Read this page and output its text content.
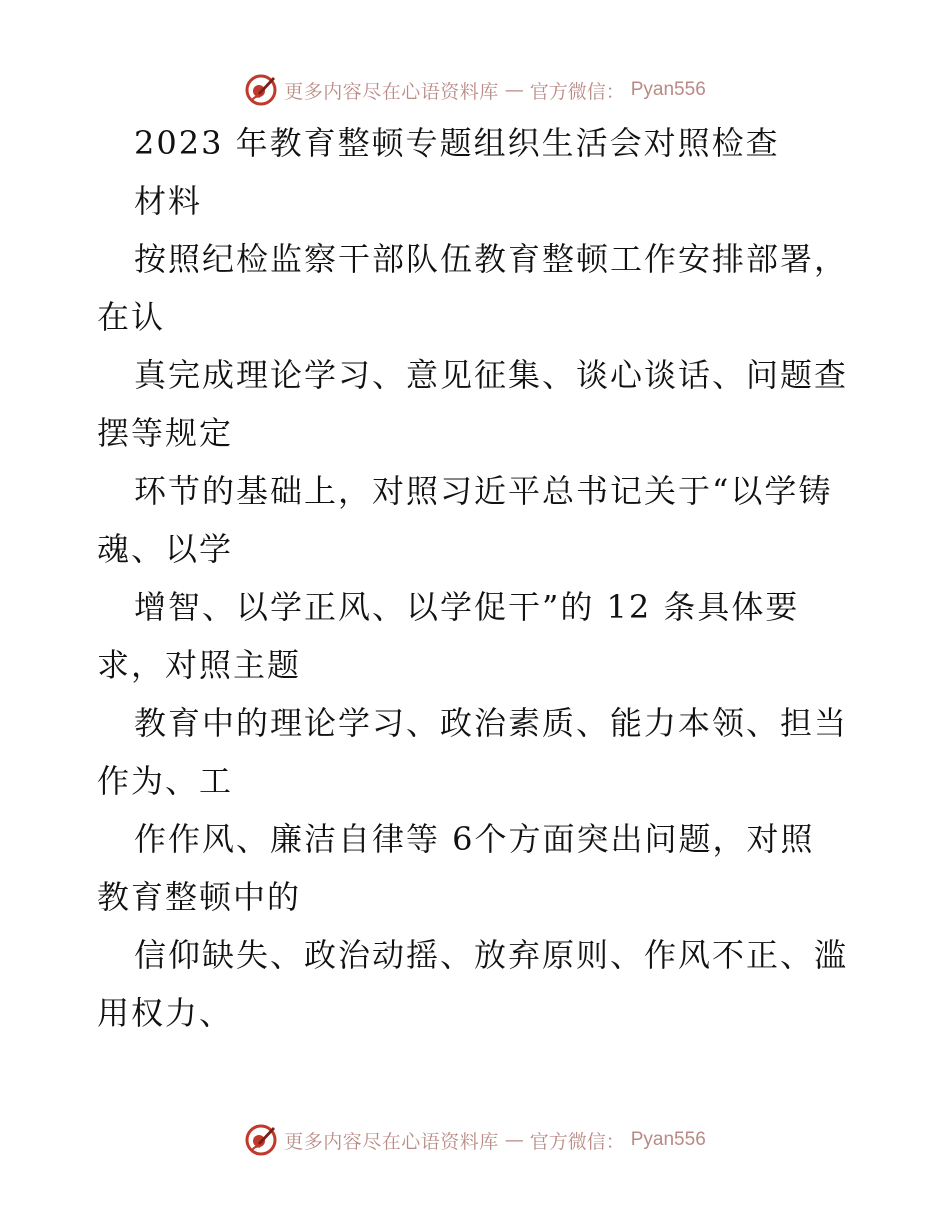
更多内容尽在心语资料库 — 官方微信： Pyan556
2023 年教育整顿专题组织生活会对照检查
材料
按照纪检监察干部队伍教育整顿工作安排部署，
在认
真完成理论学习、意见征集、谈心谈话、问题查
摆等规定
环节的基础上，对照习近平总书记关于“以学铸
魂、以学
增智、以学正风、以学促干”的 12 条具体要
求，对照主题
教育中的理论学习、政治素质、能力本领、担当
作为、工
作作风、廉洁自律等 6个方面突出问题，对照
教育整顿中的
信仰缺失、政治动摇、放弃原则、作风不正、滥
用权力、
更多内容尽在心语资料库 — 官方微信： Pyan556
